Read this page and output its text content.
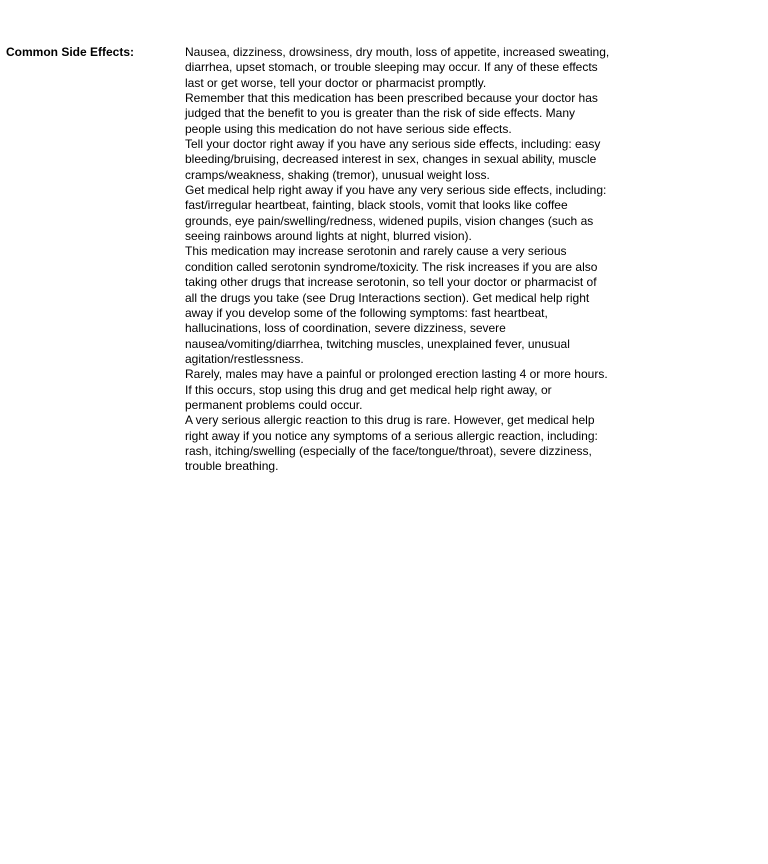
Common Side Effects:	Nausea, dizziness, drowsiness, dry mouth, loss of appetite, increased sweating, diarrhea, upset stomach, or trouble sleeping may occur. If any of these effects last or get worse, tell your doctor or pharmacist promptly.

Remember that this medication has been prescribed because your doctor has judged that the benefit to you is greater than the risk of side effects. Many people using this medication do not have serious side effects.

Tell your doctor right away if you have any serious side effects, including: easy bleeding/bruising, decreased interest in sex, changes in sexual ability, muscle cramps/weakness, shaking (tremor), unusual weight loss.

Get medical help right away if you have any very serious side effects, including: fast/irregular heartbeat, fainting, black stools, vomit that looks like coffee grounds, eye pain/swelling/redness, widened pupils, vision changes (such as seeing rainbows around lights at night, blurred vision).

This medication may increase serotonin and rarely cause a very serious condition called serotonin syndrome/toxicity. The risk increases if you are also taking other drugs that increase serotonin, so tell your doctor or pharmacist of all the drugs you take (see Drug Interactions section). Get medical help right away if you develop some of the following symptoms: fast heartbeat, hallucinations, loss of coordination, severe dizziness, severe nausea/vomiting/diarrhea, twitching muscles, unexplained fever, unusual agitation/restlessness.

Rarely, males may have a painful or prolonged erection lasting 4 or more hours. If this occurs, stop using this drug and get medical help right away, or permanent problems could occur.

A very serious allergic reaction to this drug is rare. However, get medical help right away if you notice any symptoms of a serious allergic reaction, including: rash, itching/swelling (especially of the face/tongue/throat), severe dizziness, trouble breathing.
